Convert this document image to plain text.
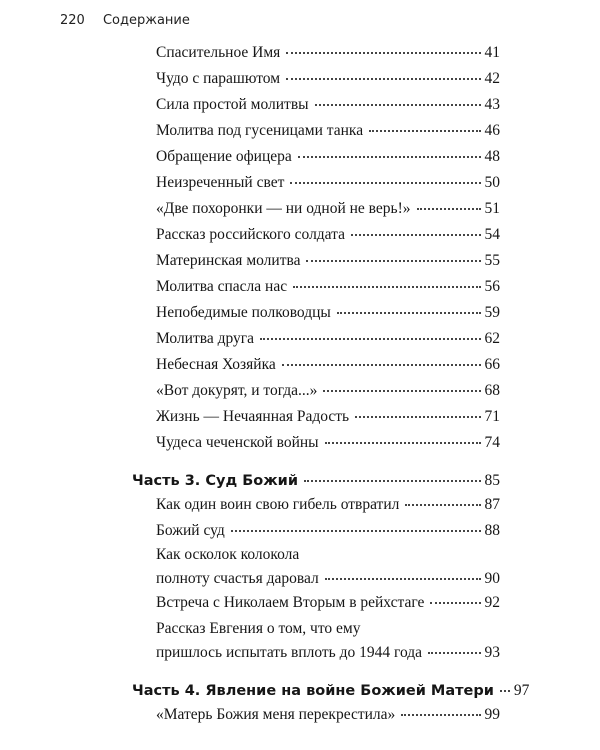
220 Содержание
Спасительное Имя	41
Чудо с парашютом	42
Сила простой молитвы	43
Молитва под гусеницами танка	46
Обращение офицера	48
Неизреченный свет	50
«Две похоронки — ни одной не верь!»	51
Рассказ российского солдата	54
Материнская молитва	55
Молитва спасла нас	56
Непобедимые полководцы	59
Молитва друга	62
Небесная Хозяйка	66
«Вот докурят, и тогда...»	68
Жизнь — Нечаянная Радость	71
Чудеса чеченской войны	74
Часть 3. Суд Божий	85
Как один воин свою гибель отвратил	87
Божий суд	88
Как осколок колокола
полноту счастья даровал	90
Встреча с Николаем Вторым в рейхстаге	92
Рассказ Евгения о том, что ему
пришлось испытать вплоть до 1944 года	93
Часть 4. Явление на войне Божией Матери 97
«Матерь Божия меня перекрестила»	99
